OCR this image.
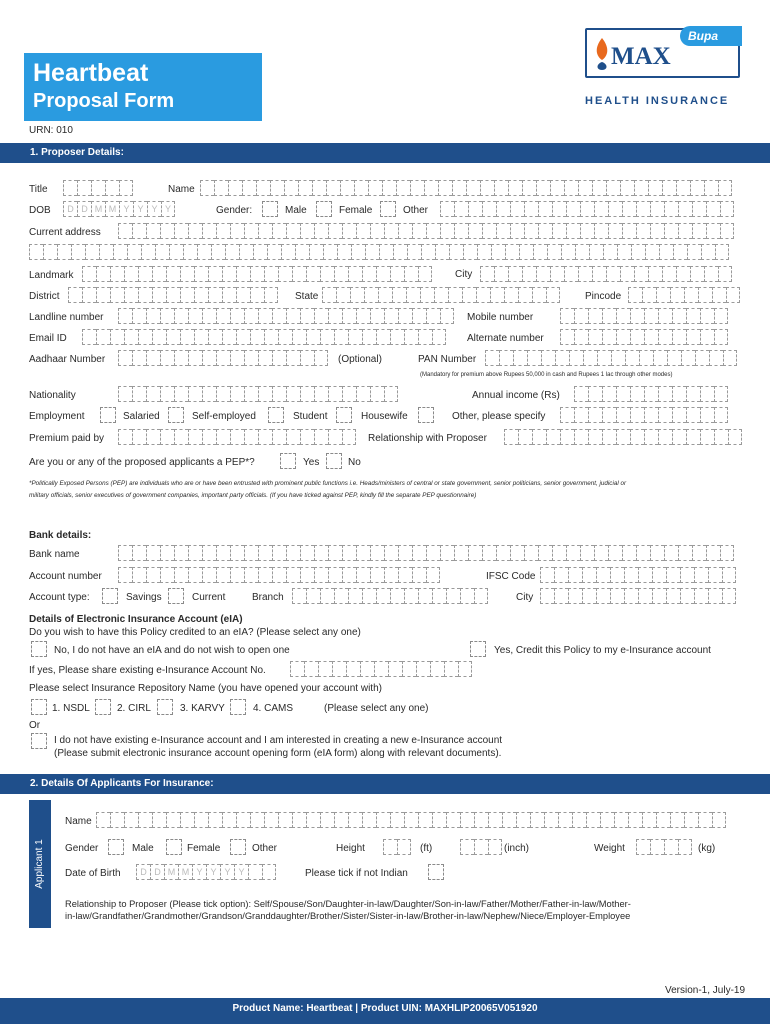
Heartbeat
Proposal Form
Bupa
MAX
HEALTH INSURANCE
URN: 010
1. Proposer Details:
Title	Name
DOB	D D M M Y Y Y Y	Gender:	Male	Female	Other
Current address
Landmark	City
District	State	Pincode
Landline number	Mobile number
Email ID	Alternate number
Aadhaar Number	(Optional)	PAN Number
(Mandatory for premium above Rupees 50,000 in cash and Rupees 1 lac through other modes)
Nationality	Annual income (Rs)
Employment	Salaried	Self-employed	Student	Housewife	Other, please specify
Premium paid by	Relationship with Proposer
Are you or any of the proposed applicants a PEP*?	Yes	No
*Politically Exposed Persons (PEP) are individuals who are or have been entrusted with prominent public functions i.e. Heads/ministers of central or state government, senior politicians, senior government, judicial or
military officials, senior executives of government companies, important party officials. (If you have ticked against PEP, kindly fill the separate PEP questionnaire)
Bank details:
Bank name
Account number	IFSC Code
Account type:	Savings	Current	Branch	City
Details of Electronic Insurance Account (eIA)
Do you wish to have this Policy credited to an eIA? (Please select any one)
No, I do not have an eIA and do not wish to open one	Yes, Credit this Policy to my e-Insurance account
If yes, Please share existing e-Insurance Account No.
Please select Insurance Repository Name (you have opened your account with)
1. NSDL	2. CIRL	3. KARVY	4. CAMS	(Please select any one)
Or
I do not have existing e-Insurance account and I am interested in creating a new e-Insurance account
(Please submit electronic insurance account opening form (eIA form) along with relevant documents).
2. Details Of Applicants For Insurance:
Applicant 1
Name
Gender	Male	Female	Other	Height	(ft)	(inch)	Weight	(kg)
Date of Birth	D D M M Y Y Y Y	Please tick if not Indian
Relationship to Proposer (Please tick option): Self/Spouse/Son/Daughter-in-law/Daughter/Son-in-law/Father/Mother/Father-in-law/Mother-
in-law/Grandfather/Grandmother/Grandson/Granddaughter/Brother/Sister/Sister-in-law/Brother-in-law/Nephew/Niece/Employer-Employee
Version-1, July-19
Product Name: Heartbeat | Product UIN: MAXHLIP20065V051920
